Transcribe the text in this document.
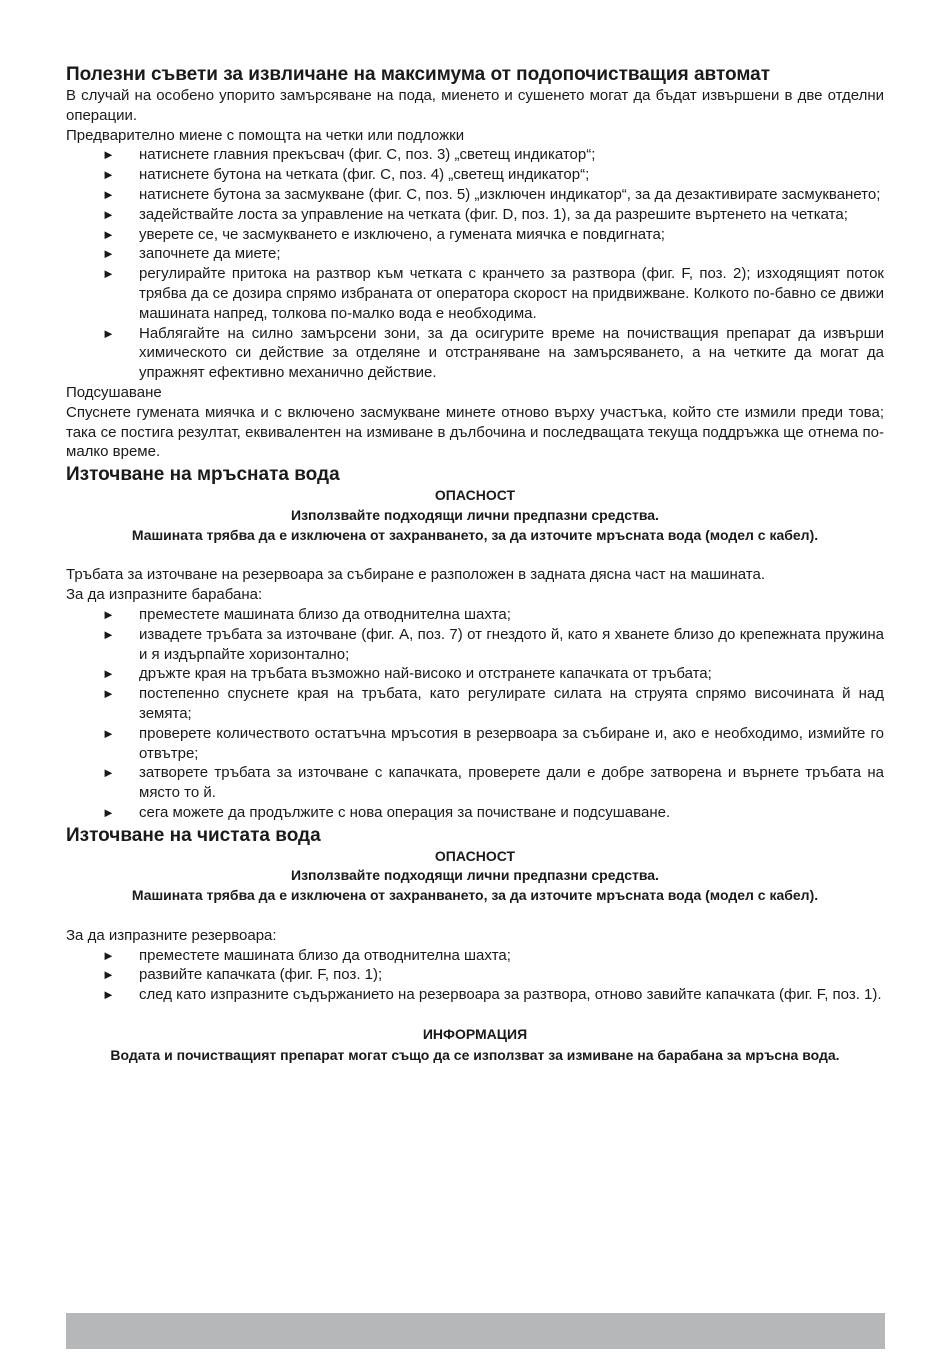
Полезни съвети за извличане на максимума от подопочистващия автомат

В случай на особено упорито замърсяване на пода, миенето и сушенето могат да бъдат извършени в две отделни операции.

Предварително миене с помощта на четки или подложки

► натиснете главния прекъсвач (фиг. C, поз. 3) „светещ индикатор“;
► натиснете бутона на четката (фиг. C, поз. 4) „светещ индикатор“;
► натиснете бутона за засмукване (фиг. C, поз. 5) „изключен индикатор“, за да дезактивирате засмукването;
► задействайте лоста за управление на четката (фиг. D, поз. 1), за да разрешите въртенето на четката;
► уверете се, че засмукването е изключено, а гумената миячка е повдигната;
► започнете да миете;
► регулирайте притока на разтвор към четката с кранчето за разтвора (фиг. F, поз. 2); изходящият поток трябва да се дозира спрямо избраната от оператора скорост на придвижване. Колкото по-бавно се движи машината напред, толкова по-малко вода е необходима.
► Наблягайте на силно замърсени зони, за да осигурите време на почистващия препарат да извърши химическото си действие за отделяне и отстраняване на замърсяването, а на четките да могат да упражнят ефективно механично действие.

Подсушаване

Спуснете гумената миячка и с включено засмукване минете отново върху участъка, който сте измили преди това; така се постига резултат, еквивалентен на измиване в дълбочина и последващата текуща поддръжка ще отнема по-малко време.

Източване на мръсната вода
ОПАСНОСТ
Използвайте подходящи лични предпазни средства.
Машината трябва да е изключена от захранването, за да източите мръсната вода (модел с кабел).

Тръбата за източване на резервоара за събиране е разположен в задната дясна част на машината.

За да изпразните барабана:

► преместете машината близо да отводнителна шахта;
► извадете тръбата за източване (фиг. A, поз. 7) от гнездото й, като я хванете близо до крепежната пружина и я издърпайте хоризонтално;
► дръжте края на тръбата възможно най-високо и отстранете капачката от тръбата;
► постепенно спуснете края на тръбата, като регулирате силата на струята спрямо височината й над земята;
► проверете количеството остатъчна мръсотия в резервоара за събиране и, ако е необходимо, измийте го отвътре;
► затворете тръбата за източване с капачката, проверете дали е добре затворена и върнете тръбата на място то й.
► сега можете да продължите с нова операция за почистване и подсушаване.
Източване на чистата вода
ОПАСНОСТ
Използвайте подходящи лични предпазни средства.
Машината трябва да е изключена от захранването, за да източите мръсната вода (модел с кабел).

За да изпразните резервоара:

► преместете машината близо да отводнителна шахта;
► развийте капачката (фиг. F, поз. 1);
► след като изпразните съдържанието на резервоара за разтвора, отново завийте капачката (фиг. F, поз. 1).
ИНФОРМАЦИЯ
Водата и почистващият препарат могат също да се използват за измиване на барабана за мръсна вода.
